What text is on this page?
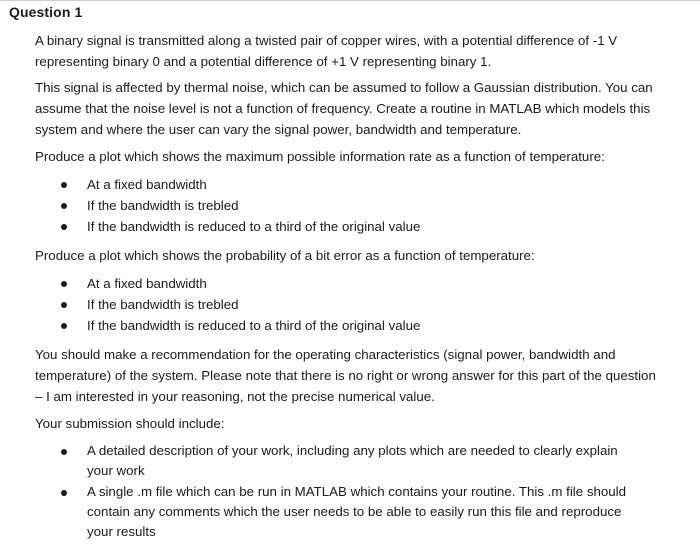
Question 1

A binary signal is transmitted along a twisted pair of copper wires, with a potential difference of -1 V representing binary 0 and a potential difference of +1 V representing binary 1.

This signal is affected by thermal noise, which can be assumed to follow a Gaussian distribution. You can assume that the noise level is not a function of frequency. Create a routine in MATLAB which models this system and where the user can vary the signal power, bandwidth and temperature.

Produce a plot which shows the maximum possible information rate as a function of temperature:

At a fixed bandwidth
If the bandwidth is trebled
If the bandwidth is reduced to a third of the original value

Produce a plot which shows the probability of a bit error as a function of temperature:

At a fixed bandwidth
If the bandwidth is trebled
If the bandwidth is reduced to a third of the original value

You should make a recommendation for the operating characteristics (signal power, bandwidth and temperature) of the system. Please note that there is no right or wrong answer for this part of the question – I am interested in your reasoning, not the precise numerical value.

Your submission should include:

A detailed description of your work, including any plots which are needed to clearly explain your work
A single .m file which can be run in MATLAB which contains your routine. This .m file should contain any comments which the user needs to be able to easily run this file and reproduce your results
